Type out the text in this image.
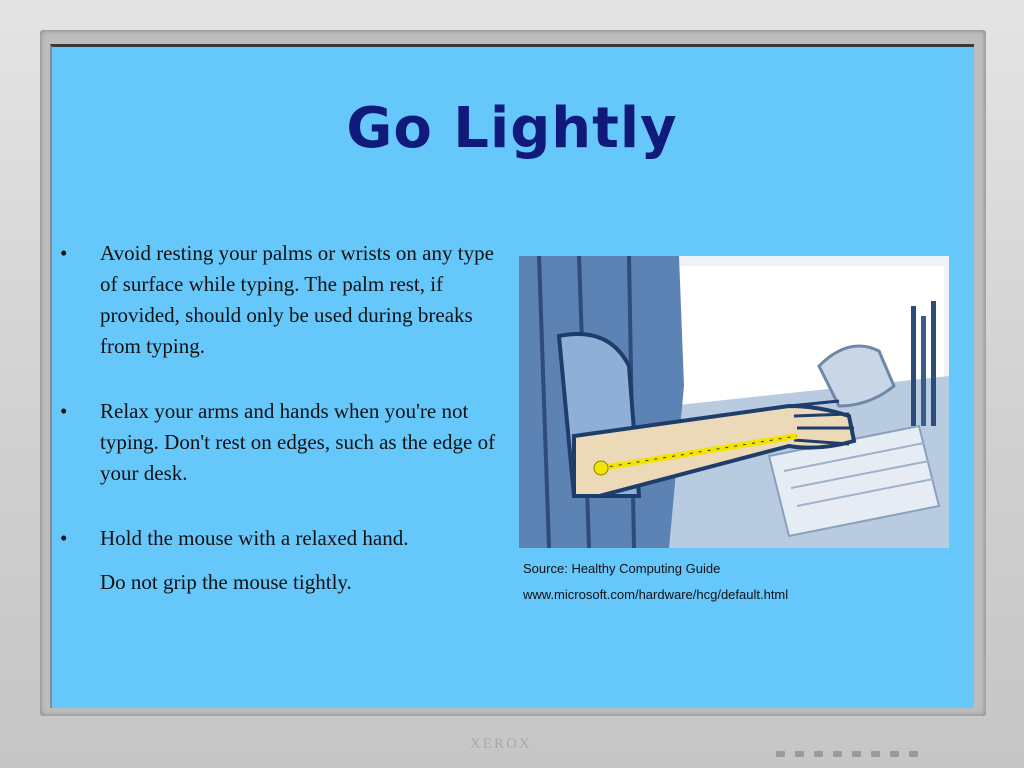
Go Lightly
• Avoid resting your palms or wrists on any type of surface while typing. The palm rest, if provided, should only be used during breaks from typing.
• Relax your arms and hands when you're not typing. Don't rest on edges, such as the edge of your desk.
• Hold the mouse with a relaxed hand.
Do not grip the mouse tightly.
Source: Healthy Computing Guide
www.microsoft.com/hardware/hcg/default.html
XEROX
